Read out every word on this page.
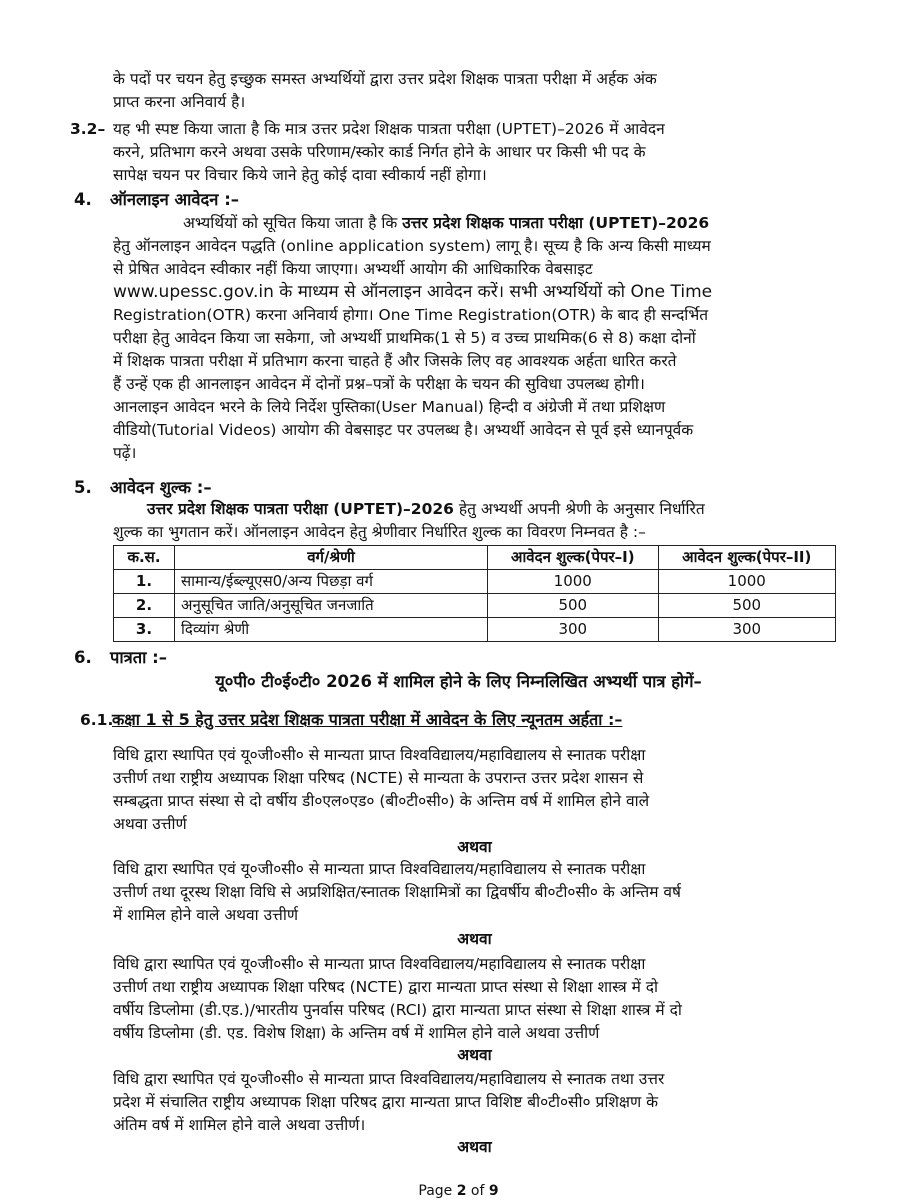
के पदों पर चयन हेतु इच्छुक समस्त अभ्यर्थियों द्वारा उत्तर प्रदेश शिक्षक पात्रता परीक्षा में अर्हक अंक

प्राप्त करना अनिवार्य है।

3.2– यह भी स्पष्ट किया जाता है कि मात्र उत्तर प्रदेश शिक्षक पात्रता परीक्षा (UPTET)–2026 में आवेदन

करने, प्रतिभाग करने अथवा उसके परिणाम/स्कोर कार्ड निर्गत होने के आधार पर किसी भी पद के

सापेक्ष चयन पर विचार किये जाने हेतु कोई दावा स्वीकार्य नहीं होगा।

4.	ऑनलाइन आवेदन :–

अभ्यर्थियों को सूचित किया जाता है कि उत्तर प्रदेश शिक्षक पात्रता परीक्षा (UPTET)–2026

हेतु ऑनलाइन आवेदन पद्धति (online application system) लागू है। सूच्य है कि अन्य किसी माध्यम

से प्रेषित आवेदन स्वीकार नहीं किया जाएगा। अभ्यर्थी आयोग की आधिकारिक वेबसाइट

www.upessc.gov.in के माध्यम से ऑनलाइन आवेदन करें। सभी अभ्यर्थियों को One Time

Registration(OTR) करना अनिवार्य होगा। One Time Registration(OTR) के बाद ही सन्दर्भित

परीक्षा हेतु आवेदन किया जा सकेगा, जो अभ्यर्थी प्राथमिक(1 से 5) व उच्च प्राथमिक(6 से 8) कक्षा दोनों

में शिक्षक पात्रता परीक्षा में प्रतिभाग करना चाहते हैं और जिसके लिए वह आवश्यक अर्हता धारित करते

हैं उन्हें एक ही आनलाइन आवेदन में दोनों प्रश्न–पत्रों के परीक्षा के चयन की सुविधा उपलब्ध होगी।

आनलाइन आवेदन भरने के लिये निर्देश पुस्तिका(User Manual) हिन्दी व अंग्रेजी में तथा प्रशिक्षण

वीडियो(Tutorial Videos) आयोग की वेबसाइट पर उपलब्ध है। अभ्यर्थी आवेदन से पूर्व इसे ध्यानपूर्वक

पढ़ें।

5.	आवेदन शुल्क :–

उत्तर प्रदेश शिक्षक पात्रता परीक्षा (UPTET)–2026 हेतु अभ्यर्थी अपनी श्रेणी के अनुसार निर्धारित

शुल्क का भुगतान करें। ऑनलाइन आवेदन हेतु श्रेणीवार निर्धारित शुल्क का विवरण निम्नवत है :–

क.स.	वर्ग/श्रेणी	आवेदन शुल्क(पेपर–I)	आवेदन शुल्क(पेपर–II)
1.	सामान्य/ईब्ल्यूएस0/अन्य पिछड़ा वर्ग	1000	1000
2.	अनुसूचित जाति/अनुसूचित जनजाति	500	500
3.	दिव्यांग श्रेणी	300	300
6.	पात्रता :–

यू०पी० टी०ई०टी० 2026 में शामिल होने के लिए निम्नलिखित अभ्यर्थी पात्र होगें–

6.1.
कक्षा 1 से 5 हेतु उत्तर प्रदेश शिक्षक पात्रता परीक्षा में आवेदन के लिए न्यूनतम अर्हता :–

विधि द्वारा स्थापित एवं यू०जी०सी० से मान्यता प्राप्त विश्वविद्यालय/महाविद्यालय से स्नातक परीक्षा

उत्तीर्ण तथा राष्ट्रीय अध्यापक शिक्षा परिषद (NCTE) से मान्यता के उपरान्त उत्तर प्रदेश शासन से

सम्बद्धता प्राप्त संस्था से दो वर्षीय डी०एल०एड० (बी०टी०सी०) के अन्तिम वर्ष में शामिल होने वाले

अथवा उत्तीर्ण

अथवा

विधि द्वारा स्थापित एवं यू०जी०सी० से मान्यता प्राप्त विश्वविद्यालय/महाविद्यालय से स्नातक परीक्षा

उत्तीर्ण तथा दूरस्थ शिक्षा विधि से अप्रशिक्षित/स्नातक शिक्षामित्रों का द्विवर्षीय बी०टी०सी० के अन्तिम वर्ष

में शामिल होने वाले अथवा उत्तीर्ण

अथवा

विधि द्वारा स्थापित एवं यू०जी०सी० से मान्यता प्राप्त विश्वविद्यालय/महाविद्यालय से स्नातक परीक्षा

उत्तीर्ण तथा राष्ट्रीय अध्यापक शिक्षा परिषद (NCTE) द्वारा मान्यता प्राप्त संस्था से शिक्षा शास्त्र में दो

वर्षीय डिप्लोमा (डी.एड.)/भारतीय पुनर्वास परिषद (RCI) द्वारा मान्यता प्राप्त संस्था से शिक्षा शास्त्र में दो

वर्षीय डिप्लोमा (डी. एड. विशेष शिक्षा) के अन्तिम वर्ष में शामिल होने वाले अथवा उत्तीर्ण

अथवा

विधि द्वारा स्थापित एवं यू०जी०सी० से मान्यता प्राप्त विश्वविद्यालय/महाविद्यालय से स्नातक तथा उत्तर

प्रदेश में संचालित राष्ट्रीय अध्यापक शिक्षा परिषद द्वारा मान्यता प्राप्त विशिष्ट बी०टी०सी० प्रशिक्षण के

अंतिम वर्ष में शामिल होने वाले अथवा उत्तीर्ण।

अथवा

Page 2 of 9
